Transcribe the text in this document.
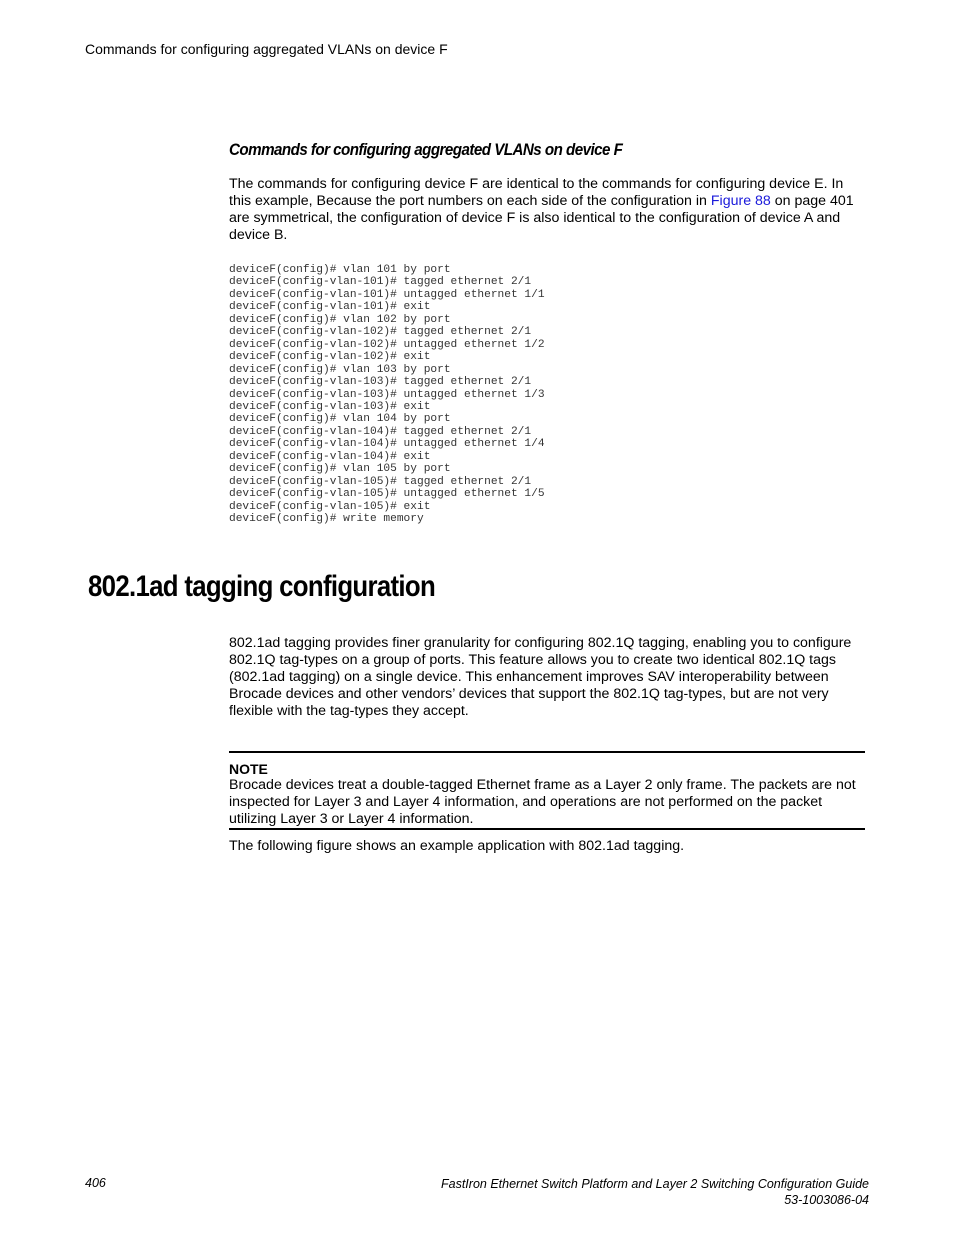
Commands for configuring aggregated VLANs on device F
Commands for configuring aggregated VLANs on device F
The commands for configuring device F are identical to the commands for configuring device E. In this example, Because the port numbers on each side of the configuration in Figure 88 on page 401 are symmetrical, the configuration of device F is also identical to the configuration of device A and device B.
deviceF(config)# vlan 101 by port
deviceF(config-vlan-101)# tagged ethernet 2/1
deviceF(config-vlan-101)# untagged ethernet 1/1
deviceF(config-vlan-101)# exit
deviceF(config)# vlan 102 by port
deviceF(config-vlan-102)# tagged ethernet 2/1
deviceF(config-vlan-102)# untagged ethernet 1/2
deviceF(config-vlan-102)# exit
deviceF(config)# vlan 103 by port
deviceF(config-vlan-103)# tagged ethernet 2/1
deviceF(config-vlan-103)# untagged ethernet 1/3
deviceF(config-vlan-103)# exit
deviceF(config)# vlan 104 by port
deviceF(config-vlan-104)# tagged ethernet 2/1
deviceF(config-vlan-104)# untagged ethernet 1/4
deviceF(config-vlan-104)# exit
deviceF(config)# vlan 105 by port
deviceF(config-vlan-105)# tagged ethernet 2/1
deviceF(config-vlan-105)# untagged ethernet 1/5
deviceF(config-vlan-105)# exit
deviceF(config)# write memory
802.1ad tagging configuration
802.1ad tagging provides finer granularity for configuring 802.1Q tagging, enabling you to configure 802.1Q tag-types on a group of ports. This feature allows you to create two identical 802.1Q tags (802.1ad tagging) on a single device. This enhancement improves SAV interoperability between Brocade devices and other vendors’ devices that support the 802.1Q tag-types, but are not very flexible with the tag-types they accept.
NOTE
Brocade devices treat a double-tagged Ethernet frame as a Layer 2 only frame. The packets are not inspected for Layer 3 and Layer 4 information, and operations are not performed on the packet utilizing Layer 3 or Layer 4 information.
The following figure shows an example application with 802.1ad tagging.
406	FastIron Ethernet Switch Platform and Layer 2 Switching Configuration Guide
53-1003086-04
